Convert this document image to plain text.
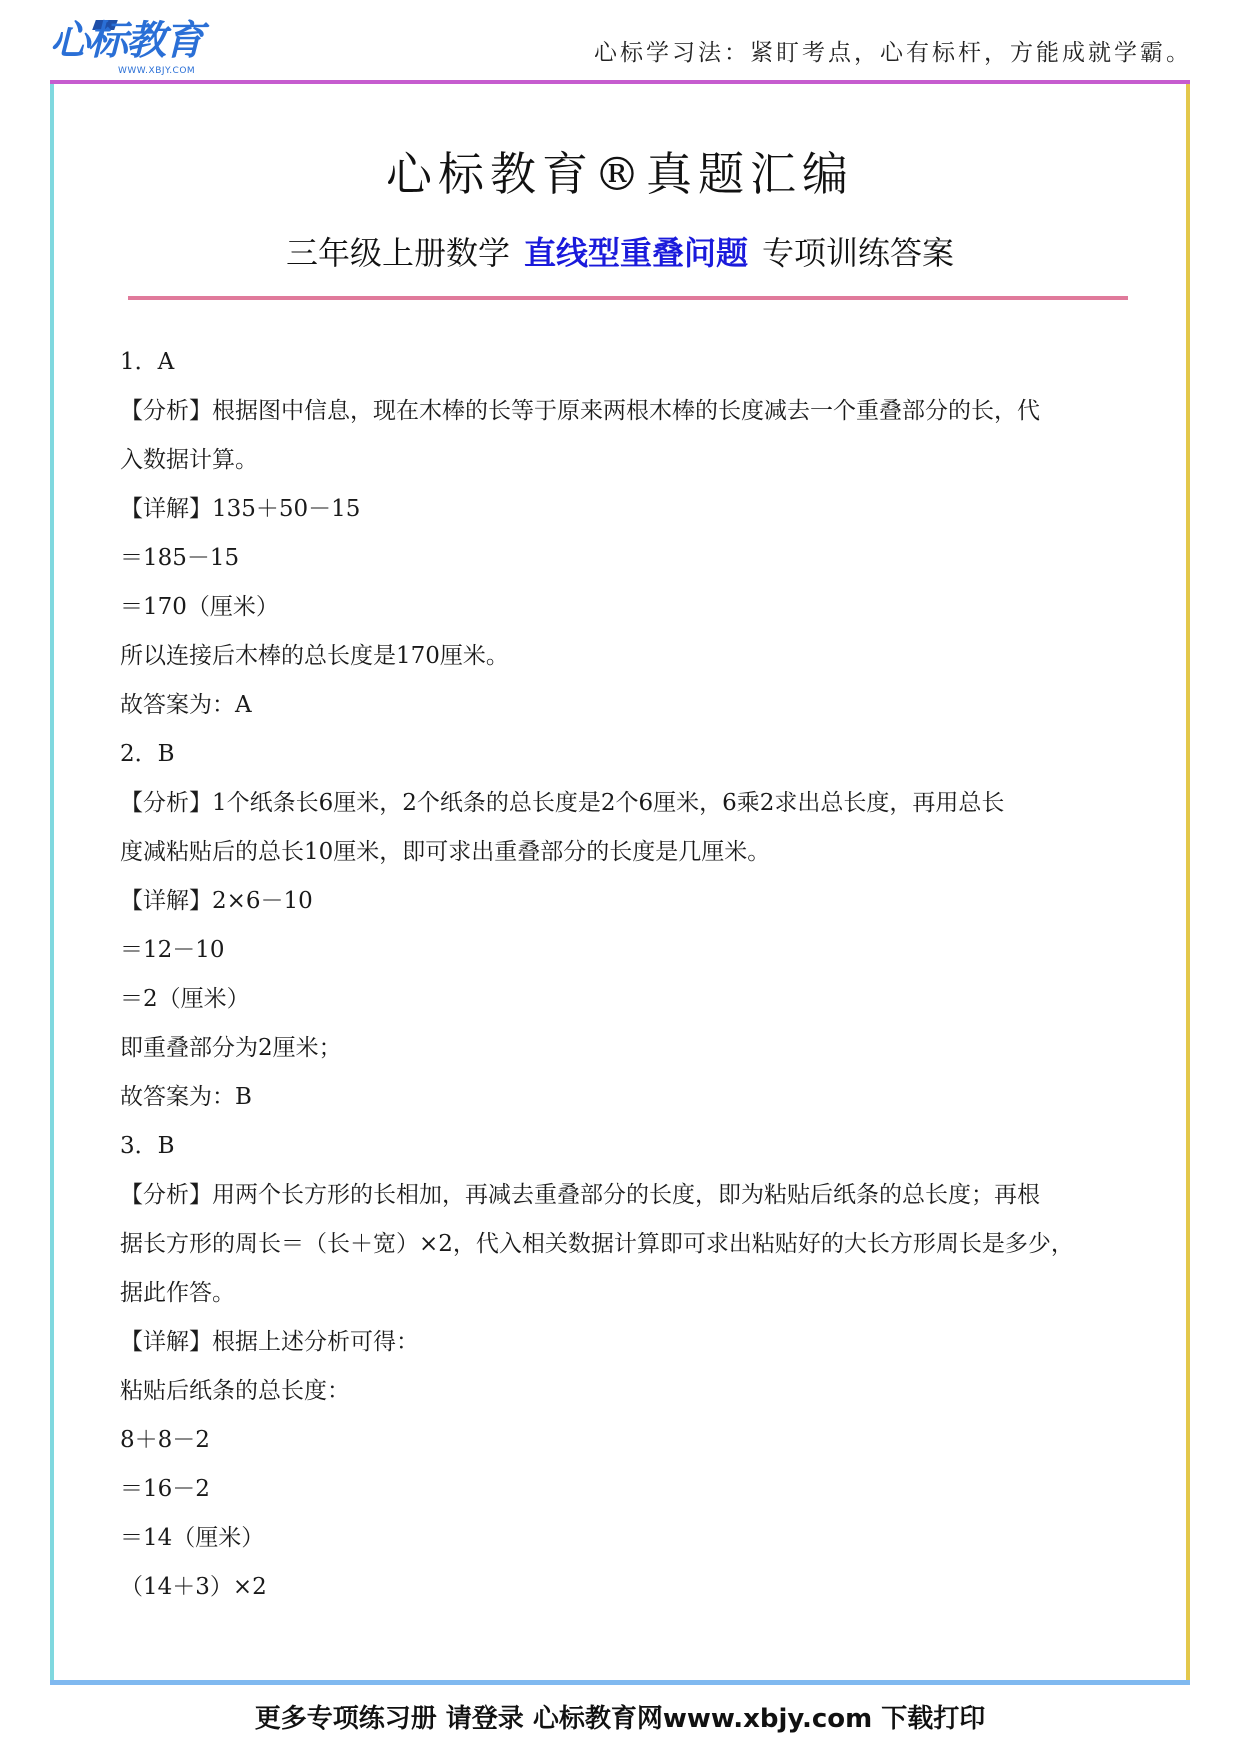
心标教育
WWW.XBJY.COM
心标学习法：紧盯考点，心有标杆，方能成就学霸。
心标教育®真题汇编
三年级上册数学 直线型重叠问题 专项训练答案

1．A

【分析】根据图中信息，现在木棒的长等于原来两根木棒的长度减去一个重叠部分的长，代

入数据计算。

【详解】135＋50－15

＝185－15

＝170（厘米）

所以连接后木棒的总长度是170厘米。

故答案为：A

2．B

【分析】1个纸条长6厘米，2个纸条的总长度是2个6厘米，6乘2求出总长度，再用总长

度减粘贴后的总长10厘米，即可求出重叠部分的长度是几厘米。

【详解】2×6－10

＝12－10

＝2（厘米）

即重叠部分为2厘米；

故答案为：B

3．B

【分析】用两个长方形的长相加，再减去重叠部分的长度，即为粘贴后纸条的总长度；再根

据长方形的周长＝（长＋宽）×2，代入相关数据计算即可求出粘贴好的大长方形周长是多少，

据此作答。

【详解】根据上述分析可得：

粘贴后纸条的总长度：

8＋8－2

＝16－2

＝14（厘米）

（14＋3）×2

更多专项练习册 请登录 心标教育网www.xbjy.com 下载打印
